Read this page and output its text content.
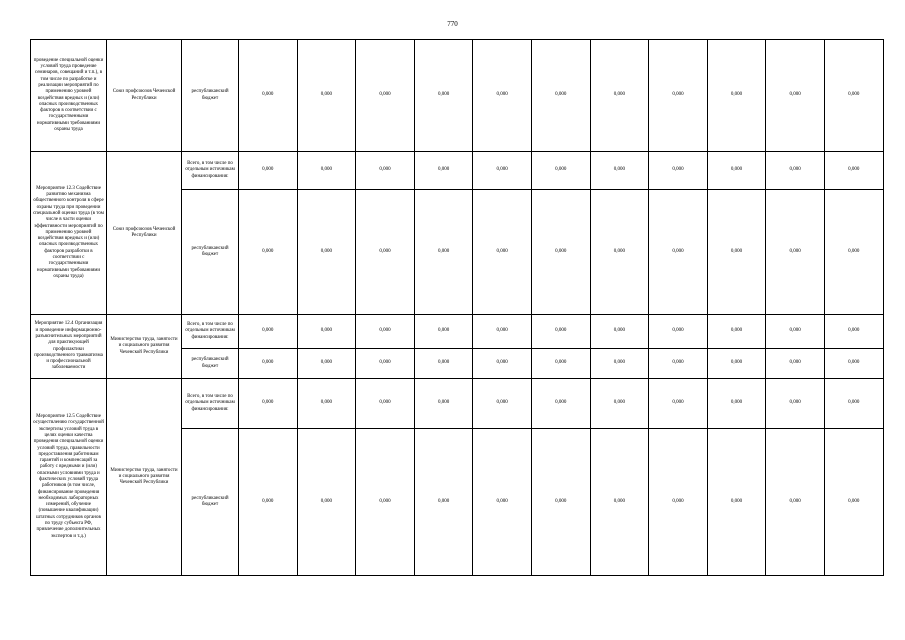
770
проведение специальной оценки условий труда проведение семинаров, совещаний и т.п.), в том числе по разработке и реализации мероприятий по применению уровней воздействия вредных и (или) опасных производственных факторов в соответствии с государственными нормативными требованиями охраны труда	Союз профсоюзов Чеченской Республики	республиканский бюджет	0,000	0,000	0,000	0,000	0,000	0,000	0,000	0,000	0,000	0,000	0,000
Мероприятие 12.3 Содействие развитию механизма общественного контроля в сфере охраны труда при проведении специальной оценки труда (в том числе в части оценки эффективности мероприятий по применению уровней воздействия вредных и (или) опасных производственных факторов разработки в соответствии с государственными нормативными требованиями охраны труда)	Союз профсоюзов Чеченской Республики	Всего, в том числе по отдельным источникам финансирования:	0,000	0,000	0,000	0,000	0,000	0,000	0,000	0,000	0,000	0,000	0,000
		республиканский бюджет	0,000	0,000	0,000	0,000	0,000	0,000	0,000	0,000	0,000	0,000	0,000
Мероприятие 12.4 Организация и проведение информационно-разъяснительных мероприятий для практикующей профилактики производственного травматизма и профессиональной заболеваемости	Министерство труда, занятости и социального развития Чеченской Республики	Всего, в том числе по отдельным источникам финансирования:	0,000	0,000	0,000	0,000	0,000	0,000	0,000	0,000	0,000	0,000	0,000
		республиканский бюджет	0,000	0,000	0,000	0,000	0,000	0,000	0,000	0,000	0,000	0,000	0,000
Мероприятие 12.5 Содействие осуществлению государственной экспертизы условий труда в целях оценки качества проведения специальной оценки условий труда, правильности предоставления работникам гарантий и компенсаций за работу с вредными и (или) опасными условиями труда и фактических условий труда работников (в том числе, финансирование проведения необходимых лабораторных измерений, обучение (повышение квалификации) штатных сотрудников органов по труду субъекта РФ, привлечение дополнительных экспертов и т.д.)	Министерство труда, занятости и социального развития Чеченской Республики	Всего, в том числе по отдельным источникам финансирования:	0,000	0,000	0,000	0,000	0,000	0,000	0,000	0,000	0,000	0,000	0,000
		республиканский бюджет	0,000	0,000	0,000	0,000	0,000	0,000	0,000	0,000	0,000	0,000	0,000
